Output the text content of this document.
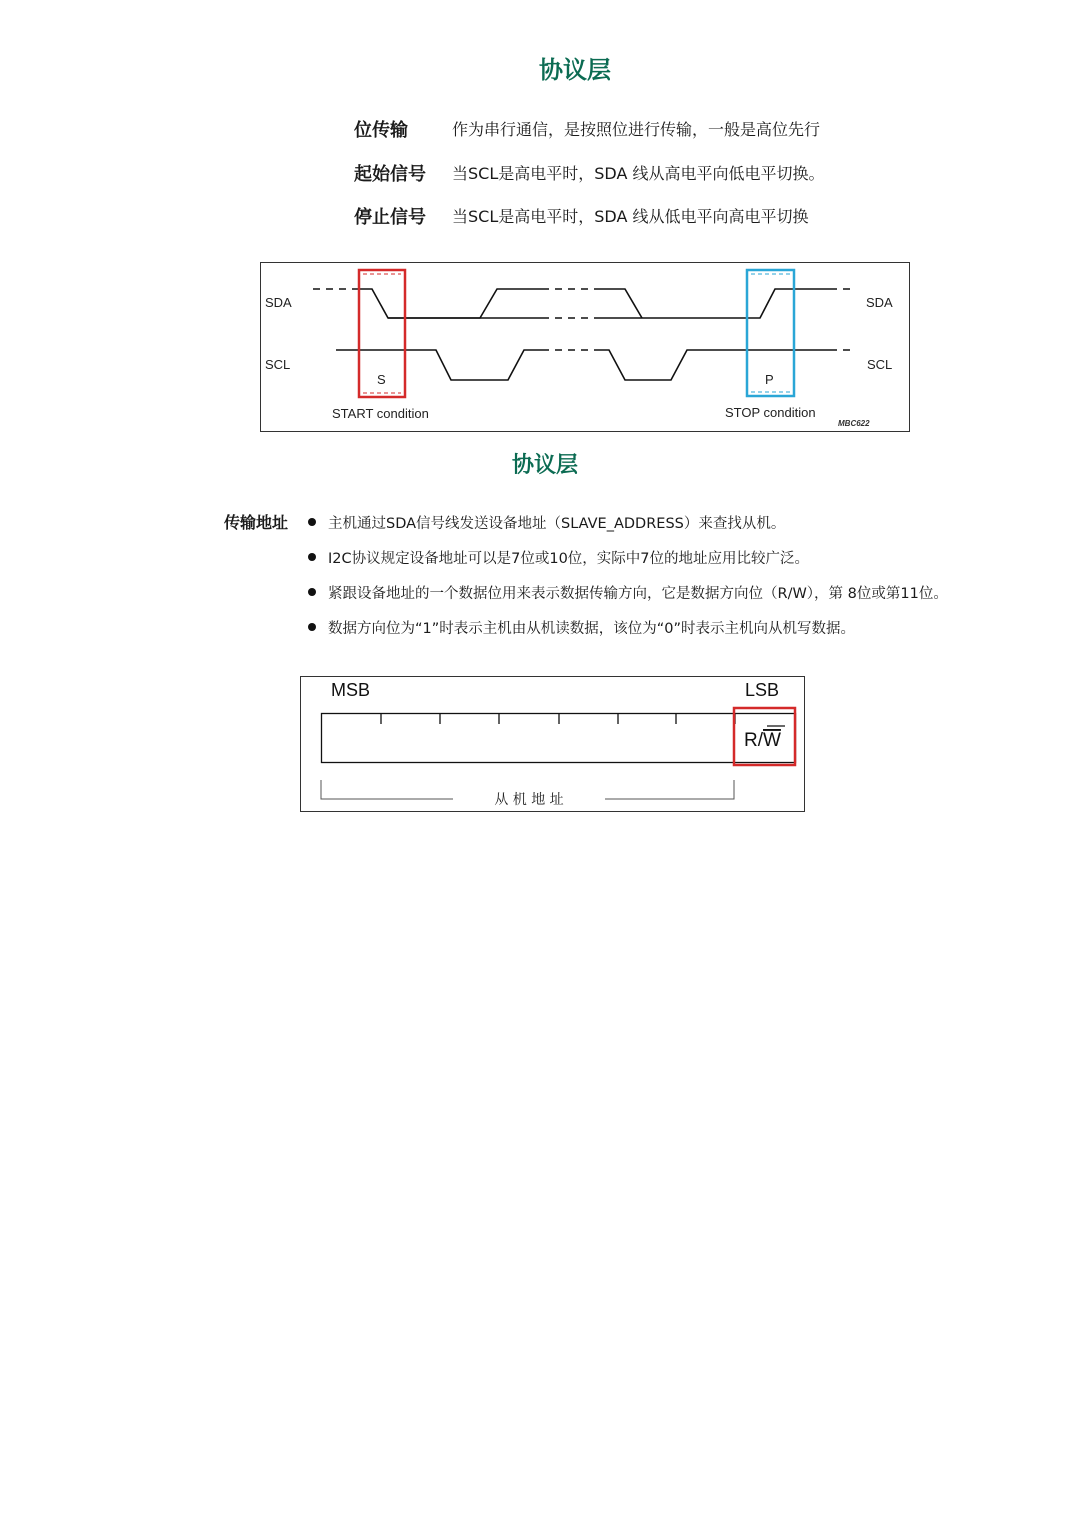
协议层
位传输	作为串行通信，是按照位进行传输，一般是高位先行
起始信号	当SCL是高电平时，SDA 线从高电平向低电平切换。
停止信号	当SCL是高电平时，SDA 线从低电平向高电平切换
SDA
SCL
SDA
SCL
S	P
START condition	STOP condition
MBC622
协议层
传输地址	主机通过SDA信号线发送设备地址（SLAVE_ADDRESS）来查找从机。
I2C协议规定设备地址可以是7位或10位，实际中7位的地址应用比较广泛。
紧跟设备地址的一个数据位用来表示数据传输方向，它是数据方向位（R/W），第 8位或第11位。
数据方向位为“1”时表示主机由从机读数据，该位为“0”时表示主机向从机写数据。
MSB	LSB
R/W
从 机 地 址
